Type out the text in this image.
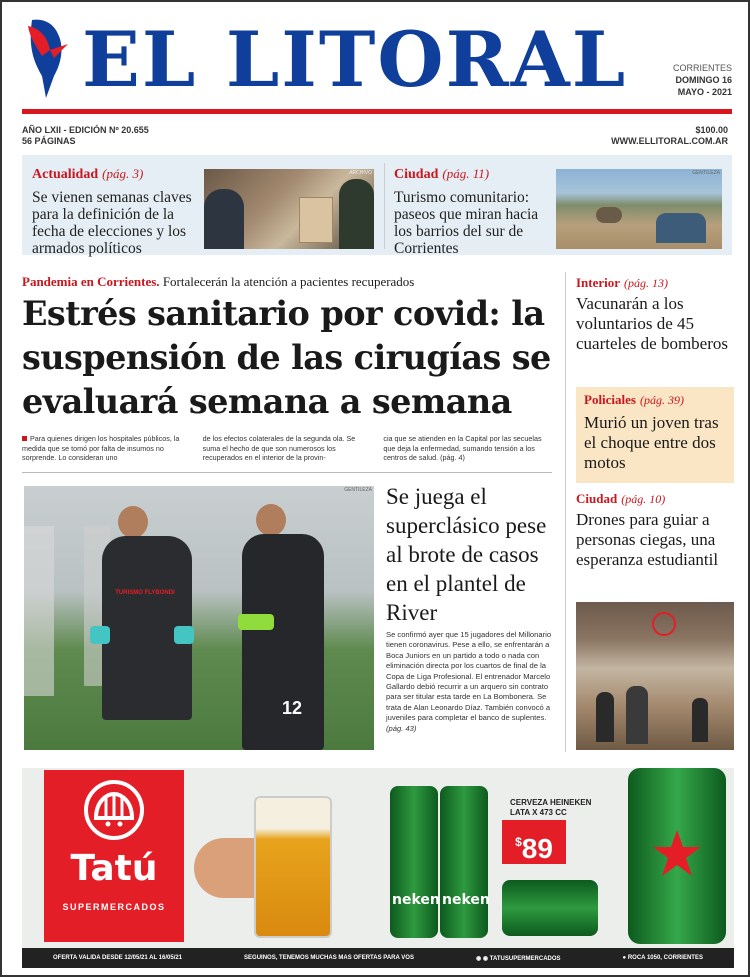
EL LITORAL	CORRIENTES
DOMINGO 16
MAYO - 2021
AÑO LXII - EDICIÓN Nº 20.655
56 PÁGINAS
$100.00
WWW.ELLITORAL.COM.AR
Actualidad (pág. 3)
Se vienen semanas claves para la definición de la fecha de elecciones y los armados políticos
ARCHIVO Ciudad (pág. 11)
Turismo comunitario: paseos que miran hacia los barrios del sur de Corrientes
GENTILEZA
Pandemia en Corrientes. Fortalecerán la atención a pacientes recuperados
Estrés sanitario por covid: la suspensión de las cirugías se evaluará semana a semana
Para quienes dirigen los hospitales públicos, la medida que se tomó por falta de insumos no sorprende. Lo consideran uno
de los efectos colaterales de la segunda ola. Se suma el hecho de que son numerosos los recuperados en el interior de la provin-
cia que se atienden en la Capital por las secuelas que deja la enfermedad, sumando tensión a los centros de salud. (pág. 4)
Interior (pág. 13)
Vacunarán a los voluntarios de 45 cuarteles de bomberos
Policiales (pág. 39)
Murió un joven tras el choque entre dos motos
Ciudad (pág. 10)
Drones para guiar a personas ciegas, una esperanza estudiantil
GENTILEZA
GENTILEZA
TURISMO FLYBONDI
12
Se juega el superclásico pese al brote de casos en el plantel de River
Se confirmó ayer que 15 jugadores del Millonario tienen coronavirus. Pese a ello, se enfrentarán a Boca Juniors en un partido a todo o nada con eliminación directa por los cuartos de final de la Copa de Liga Profesional. El entrenador Marcelo Gallardo debió recurrir a un arquero sin contrato para ser titular esta tarde en La Bombonera. Se trata de Alan Leonardo Díaz. También convocó a juveniles para completar el banco de suplentes. (pág. 43)
Tatú
SUPERMERCADOS	neken neken
CERVEZA HEINEKEN
LATA X 473 CC
$89
OFERTA VALIDA DESDE 12/05/21 AL 16/05/21	SEGUINOS, TENEMOS MUCHAS MAS OFERTAS PARA VOS	◉ ◉ TATUSUPERMERCADOS	● ROCA 1050, CORRIENTES
